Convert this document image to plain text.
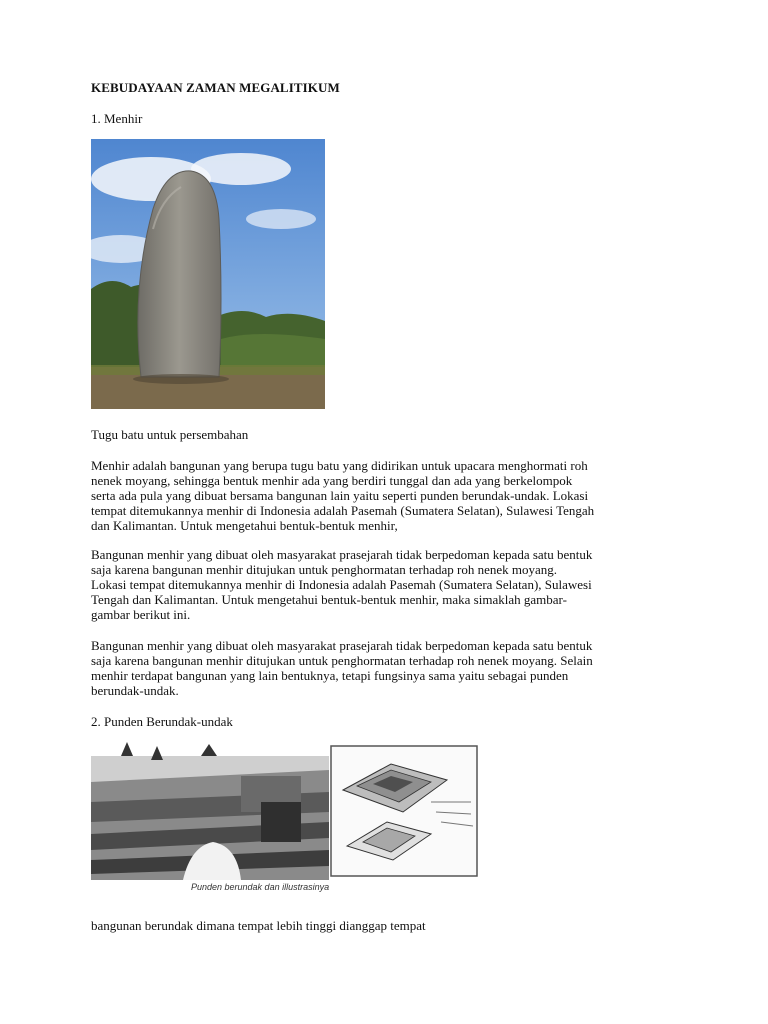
KEBUDAYAAN ZAMAN MEGALITIKUM
1. Menhir
Tugu batu untuk persembahan
Menhir adalah bangunan yang berupa tugu batu yang didirikan untuk upacara menghormati roh
nenek moyang, sehingga bentuk menhir ada yang berdiri tunggal dan ada yang berkelompok
serta ada pula yang dibuat bersama bangunan lain yaitu seperti punden berundak-undak. Lokasi
tempat ditemukannya menhir di Indonesia adalah Pasemah (Sumatera Selatan), Sulawesi Tengah
dan Kalimantan. Untuk mengetahui bentuk-bentuk menhir,
Bangunan menhir yang dibuat oleh masyarakat prasejarah tidak berpedoman kepada satu bentuk
saja karena bangunan menhir ditujukan untuk penghormatan terhadap roh nenek moyang.
Lokasi tempat ditemukannya menhir di Indonesia adalah Pasemah (Sumatera Selatan), Sulawesi
Tengah dan Kalimantan. Untuk mengetahui bentuk-bentuk menhir, maka simaklah gambar-
gambar berikut ini.
Bangunan menhir yang dibuat oleh masyarakat prasejarah tidak berpedoman kepada satu bentuk
saja karena bangunan menhir ditujukan untuk penghormatan terhadap roh nenek moyang. Selain
menhir terdapat bangunan yang lain bentuknya, tetapi fungsinya sama yaitu sebagai punden
berundak-undak.
2. Punden Berundak-undak
Punden berundak dan illustrasinya
bangunan berundak dimana tempat lebih tinggi dianggap tempat
